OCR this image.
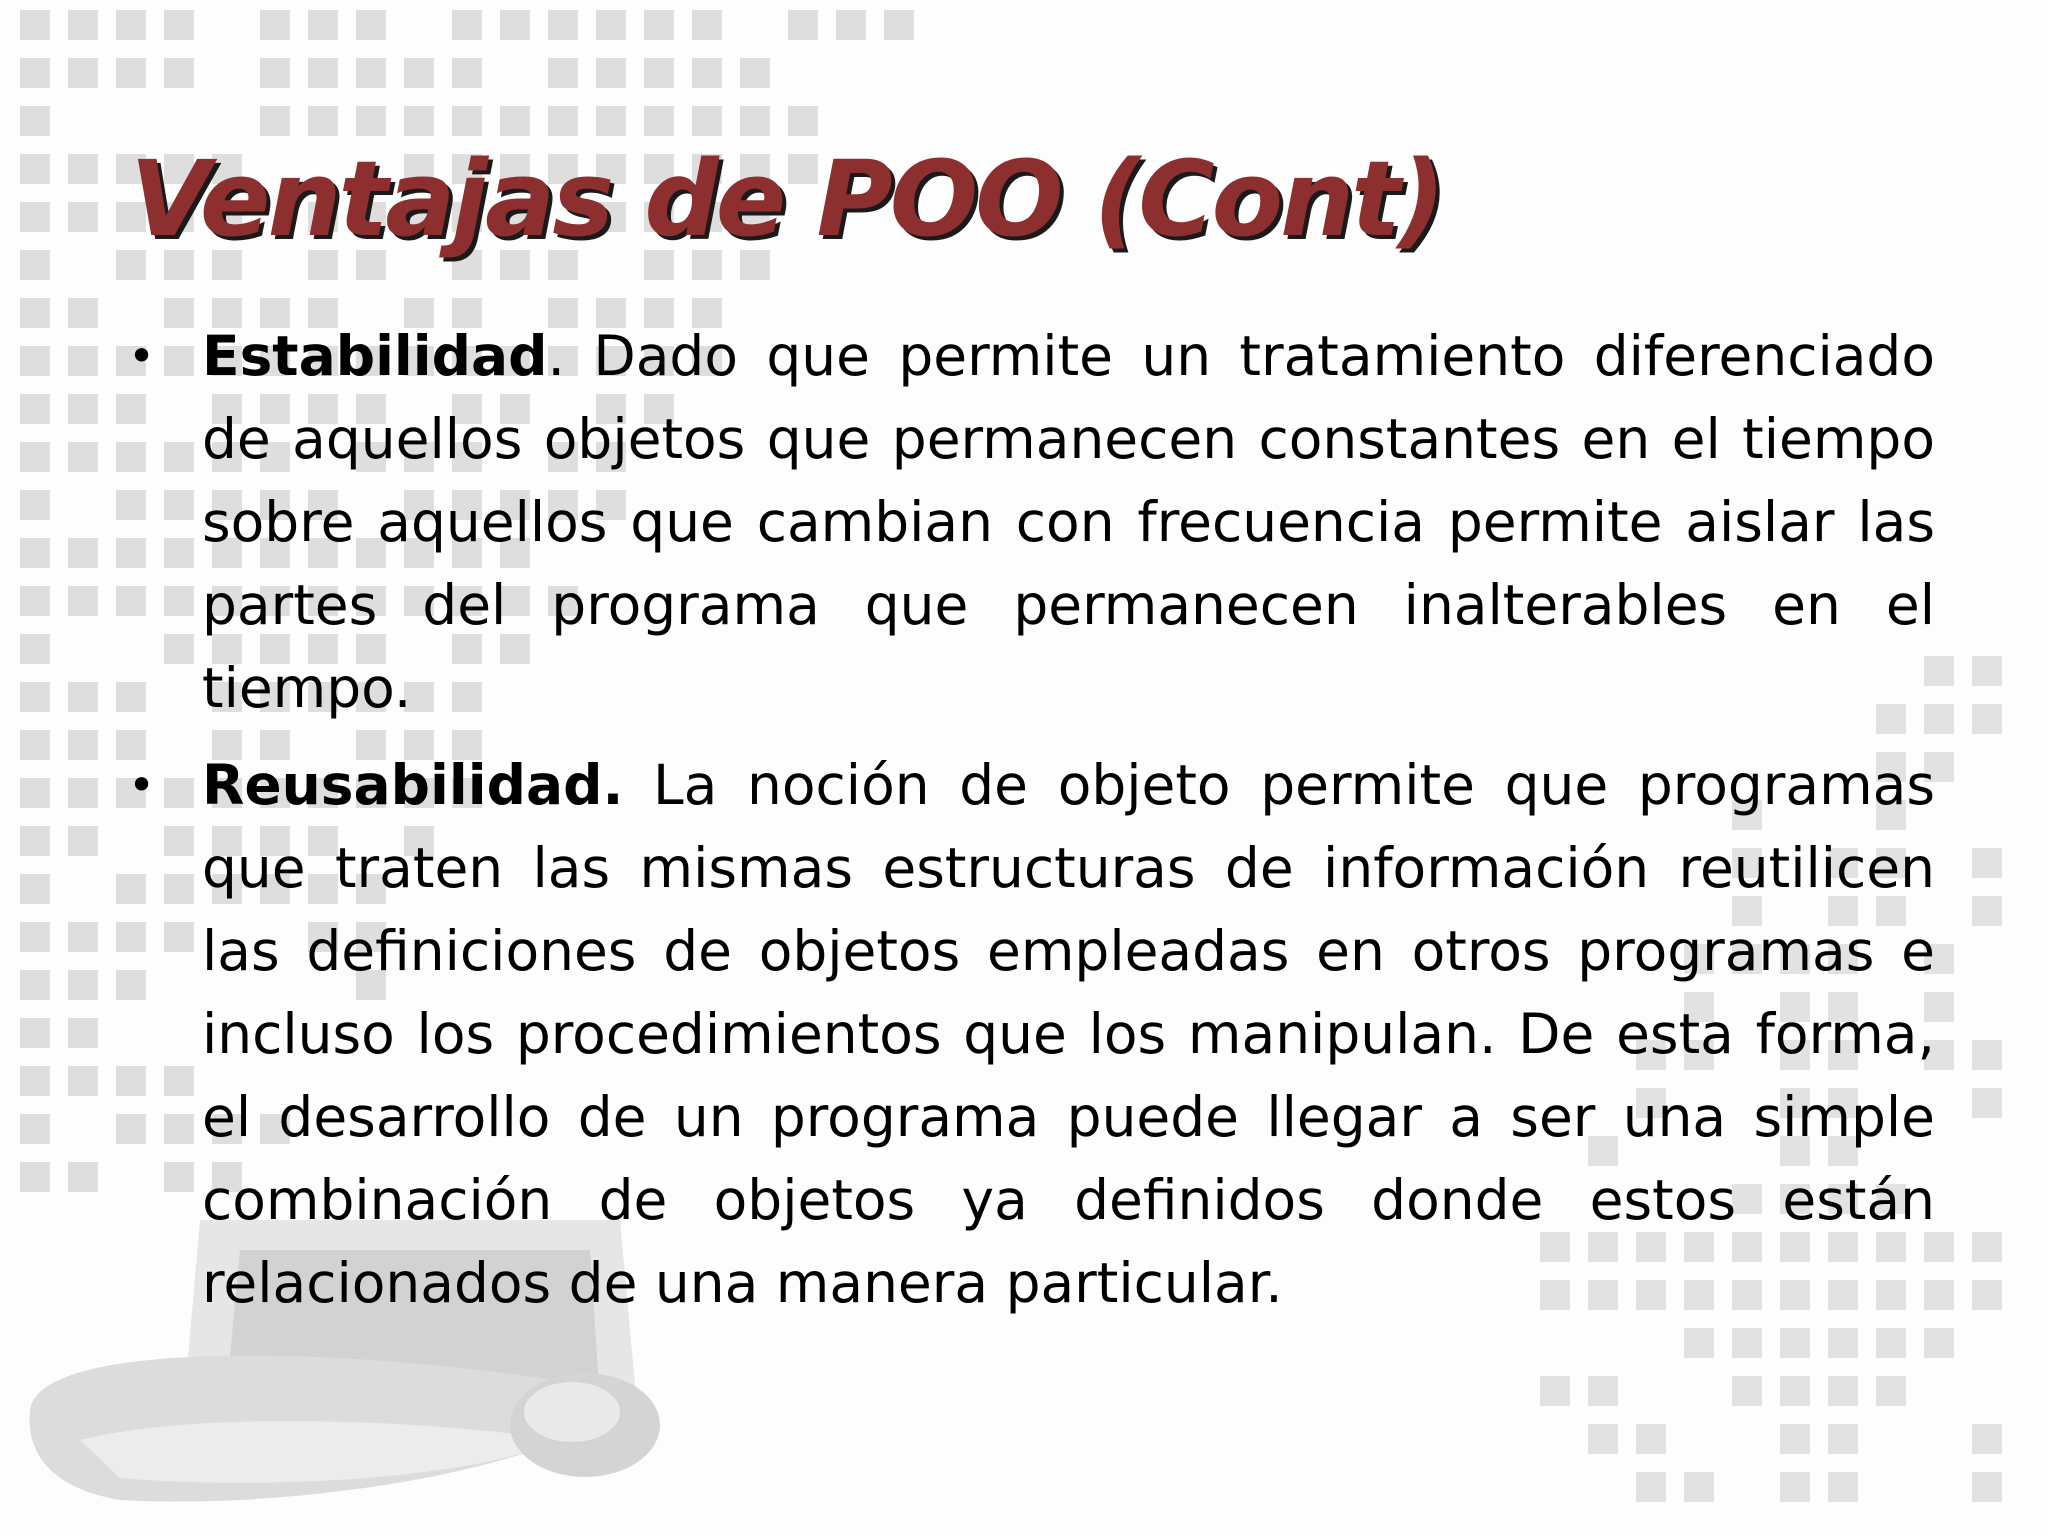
Ventajas de POO (Cont)
• Estabilidad. Dado que permite un tratamiento diferenciado de aquellos objetos que permanecen constantes en el tiempo sobre aquellos que cambian con frecuencia permite aislar las partes del programa que permanecen inalterables en el tiempo.
• Reusabilidad. La noción de objeto permite que programas que traten las mismas estructuras de información reutilicen las definiciones de objetos empleadas en otros programas e incluso los procedimientos que los manipulan. De esta forma, el desarrollo de un programa puede llegar a ser una simple combinación de objetos ya definidos donde estos están relacionados de una manera particular.
